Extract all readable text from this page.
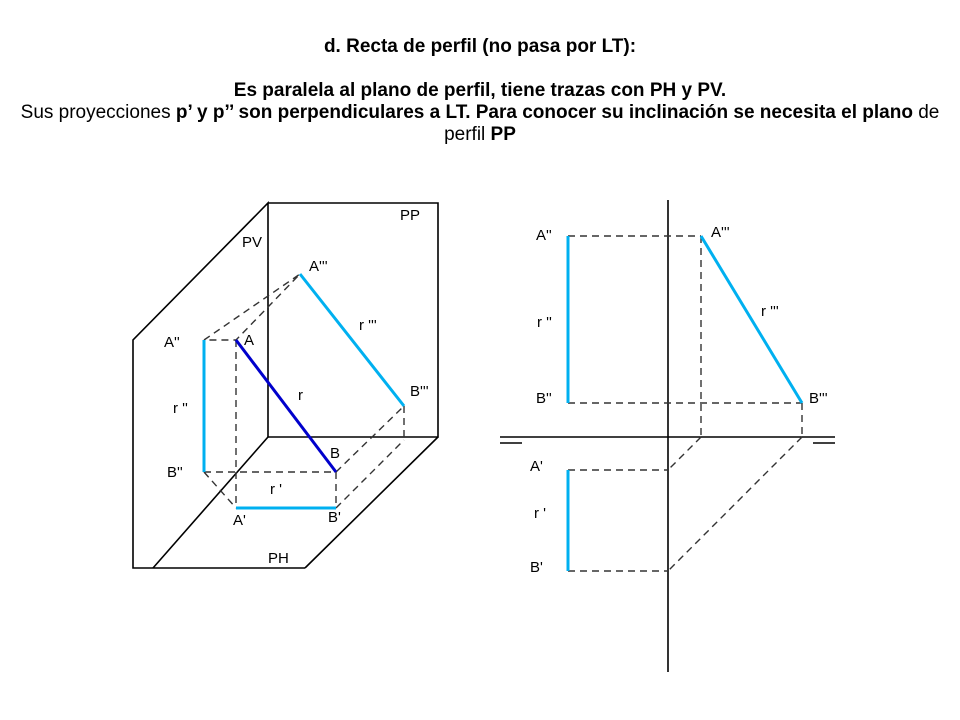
d. Recta de perfil (no pasa por LT):
Es paralela al plano de perfil, tiene trazas con PH y PV.
Sus proyecciones p’ y p’’ son perpendiculares a LT. Para conocer su inclinación se necesita el plano de perfil PP
PP
PV
PH
A'''
A''	A
r '''
r ''
r	B'''
B
B''
r '
A'	B'
A''	A'''
r '''
r ''
B''	B'''
A'
r '
B'
